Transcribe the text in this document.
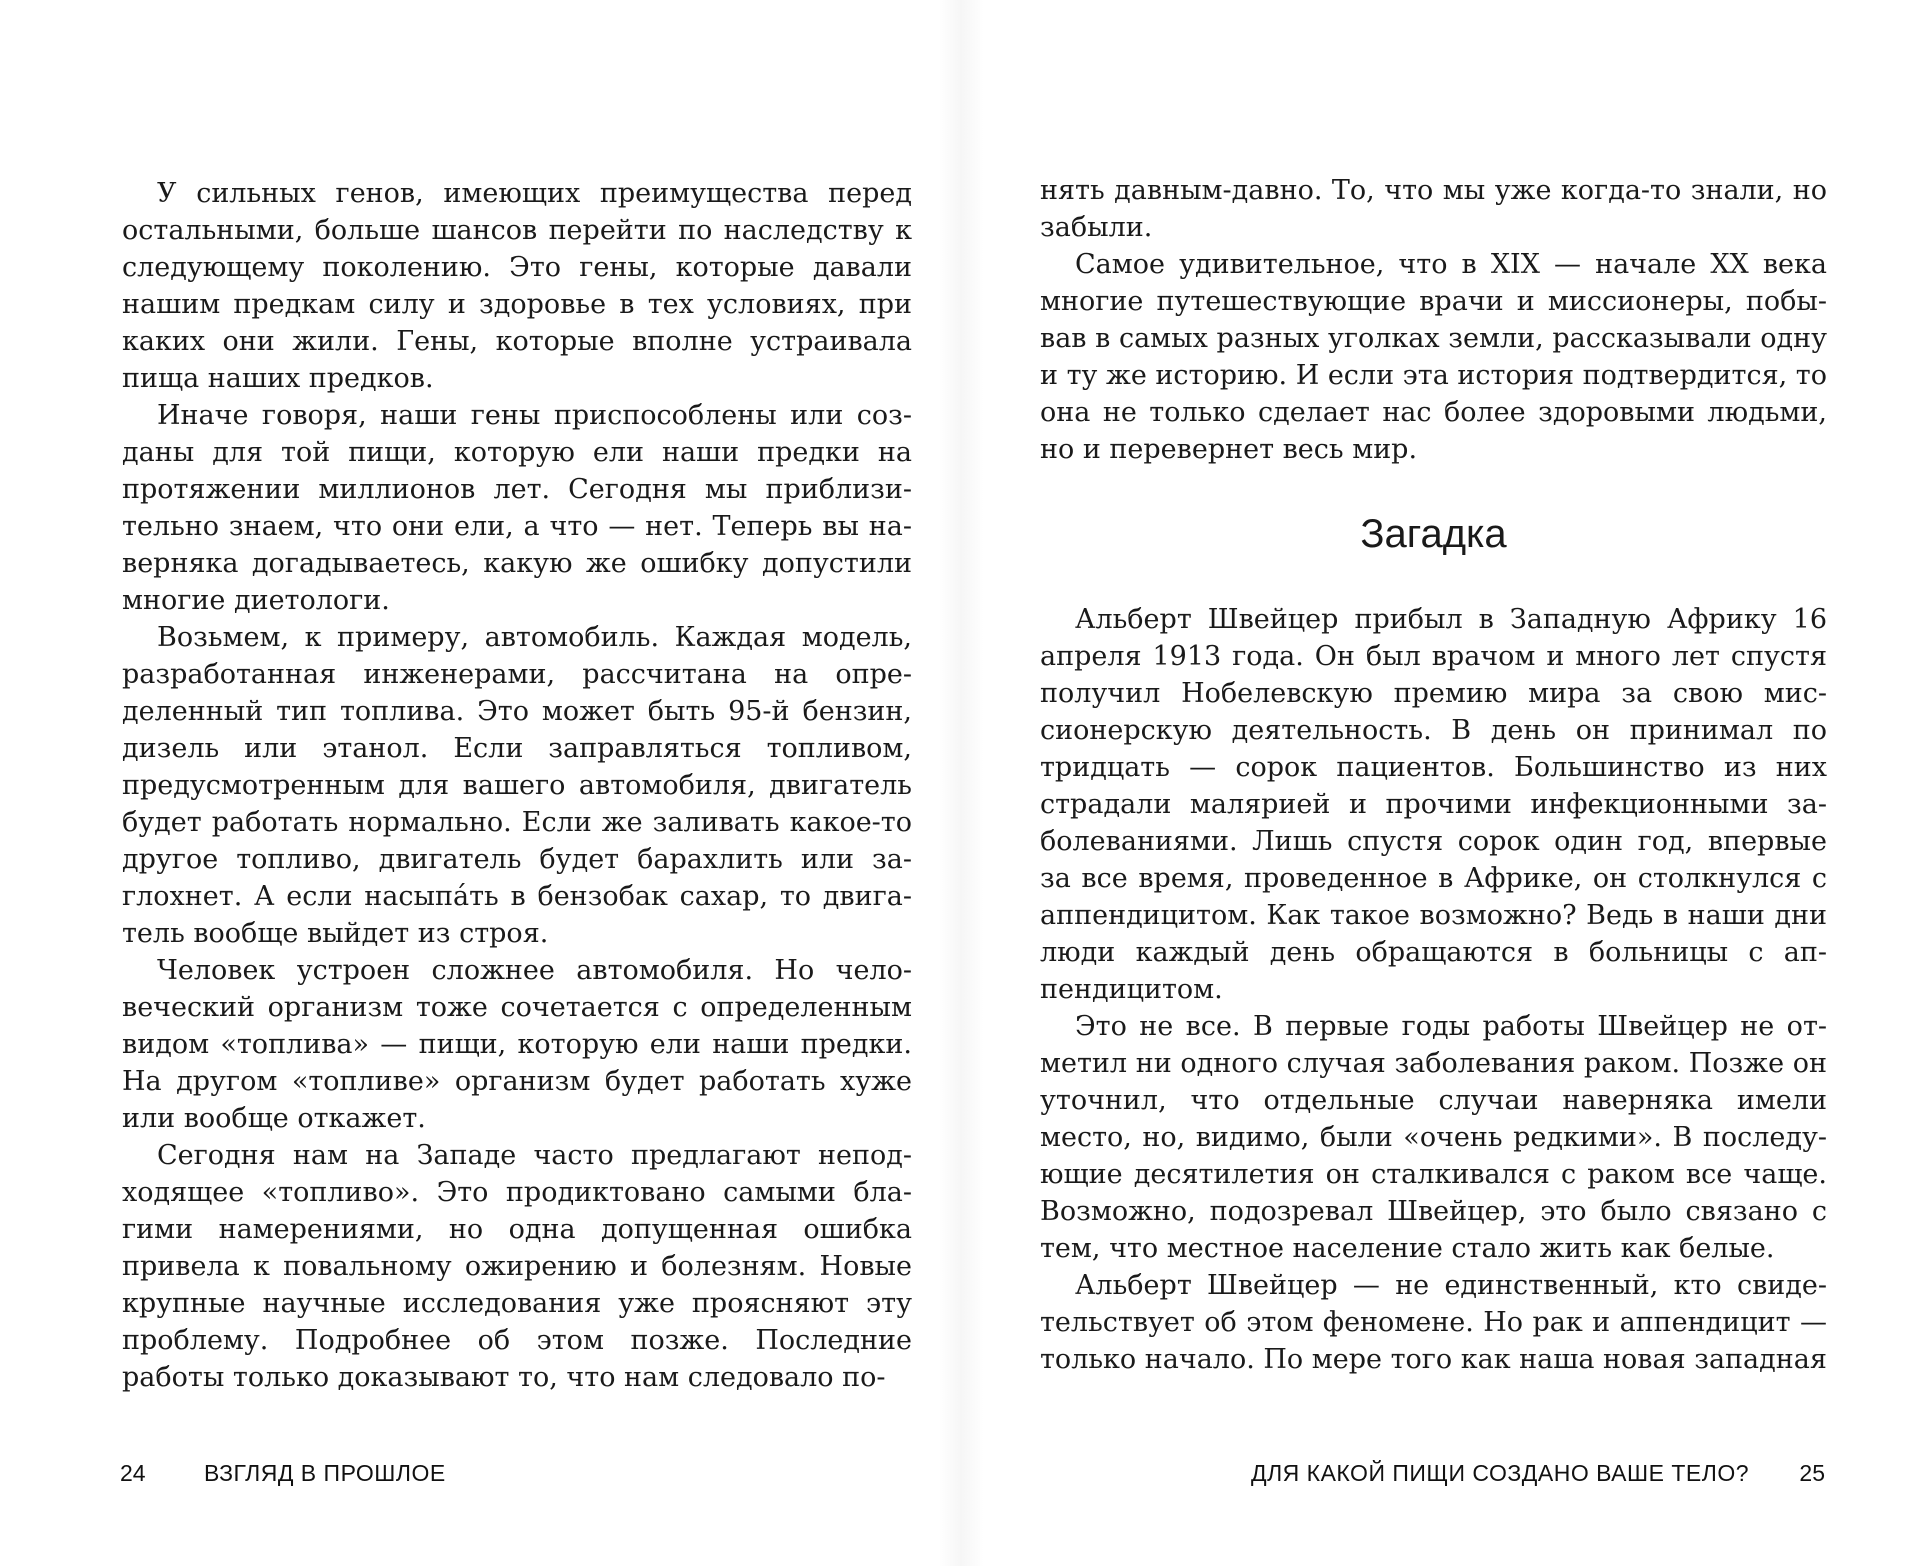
У сильных генов, имеющих преимущества перед остальными, больше шансов перейти по наследству к следующему поколению. Это гены, которые давали нашим предкам силу и здоровье в тех условиях, при каких они жили. Гены, которые вполне устраивала пища наших предков.

Иначе говоря, наши гены приспособлены или созданы для той пищи, которую ели наши предки на протяжении миллионов лет. Сегодня мы приблизительно знаем, что они ели, а что — нет. Теперь вы наверняка догадываетесь, какую же ошибку допустили многие диетологи.

Возьмем, к примеру, автомобиль. Каждая модель, разработанная инженерами, рассчитана на определенный тип топлива. Это может быть 95-й бензин, дизель или этанол. Если заправляться топливом, предусмотренным для вашего автомобиля, двигатель будет работать нормально. Если же заливать какое-то другое топливо, двигатель будет барахлить или заглохнет. А если насыпа́ть в бензобак сахар, то двигатель вообще выйдет из строя.

Человек устроен сложнее автомобиля. Но человеческий организм тоже сочетается с определенным видом «топлива» — пищи, которую ели наши предки. На другом «топливе» организм будет работать хуже или вообще откажет.

Сегодня нам на Западе часто предлагают неподходящее «топливо». Это продиктовано самыми благими намерениями, но одна допущенная ошибка привела к повальному ожирению и болезням. Новые крупные научные исследования уже проясняют эту проблему. Подробнее об этом позже. Последние работы только доказывают то, что нам следовало по-

24	ВЗГЛЯД В ПРОШЛОЕ

нять давным-давно. То, что мы уже когда-то знали, но забыли.

Самое удивительное, что в XIX — начале XX века многие путешествующие врачи и миссионеры, побывав в самых разных уголках земли, рассказывали одну и ту же историю. И если эта история подтвердится, то она не только сделает нас более здоровыми людьми, но и перевернет весь мир.

Загадка

Альберт Швейцер прибыл в Западную Африку 16 апреля 1913 года. Он был врачом и много лет спустя получил Нобелевскую премию мира за свою миссионерскую деятельность. В день он принимал по тридцать — сорок пациентов. Большинство из них страдали малярией и прочими инфекционными заболеваниями. Лишь спустя сорок один год, впервые за все время, проведенное в Африке, он столкнулся с аппендицитом. Как такое возможно? Ведь в наши дни люди каждый день обращаются в больницы с аппендицитом.

Это не все. В первые годы работы Швейцер не отметил ни одного случая заболевания раком. Позже он уточнил, что отдельные случаи наверняка имели место, но, видимо, были «очень редкими». В последующие десятилетия он сталкивался с раком все чаще. Возможно, подозревал Швейцер, это было связано с тем, что местное население стало жить как белые.

Альберт Швейцер — не единственный, кто свидетельствует об этом феномене. Но рак и аппендицит — только начало. По мере того как наша новая западная

ДЛЯ КАКОЙ ПИЩИ СОЗДАНО ВАШЕ ТЕЛО? 25
